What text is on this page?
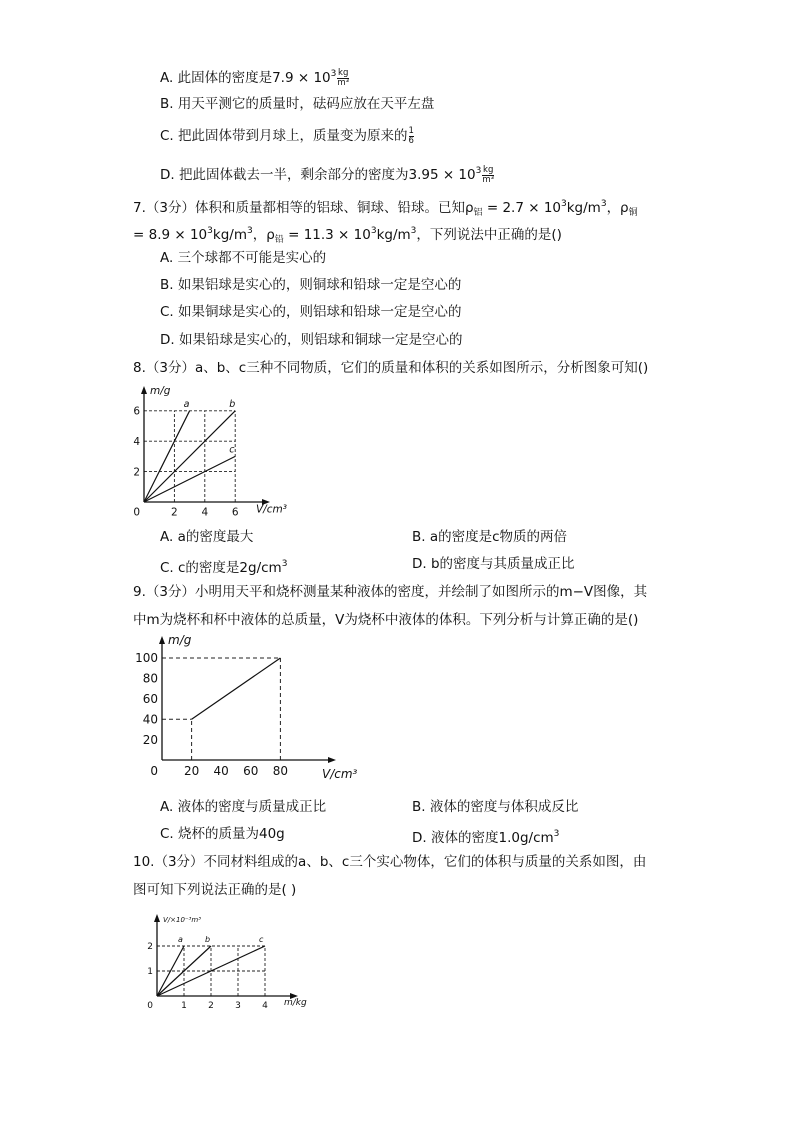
A. 此固体的密度是$7.9 \times 10^3 \frac{kg}{\text{m³}}$
B. 用天平测它的质量时，砝码应放在天平左盘
C. 把此固体带到月球上，质量变为原来的 $\frac{1}{6}$
D. 把此固体截去一半，剩余部分的密度为$3.95 \times 10^3 \frac{kg}{\text{m³}}$
7.（3分）体积和质量都相等的铝球、铜球、铅球。已知$\rho_铝 = 2.7 \times 10^3kg/m^3$，$\rho_铜$
= $8.9 \times 10^3kg/m^3$，$\rho_铅 = 11.3 \times 10^3kg/m^3$，下列说法中正确的是()
A. 三个球都不可能是实心的
B. 如果铝球是实心的，则铜球和铅球一定是空心的
C. 如果铜球是实心的，则铝球和铅球一定是空心的
D. 如果铅球是实心的，则铝球和铜球一定是空心的
8.（3分）a、b、c三种不同物质，它们的质量和体积的关系如图所示，分析图象可知()
a	b
c
2 4 6
2
4
6
0	V/cm³
m/g
A. a的密度最大	B. a的密度是c物质的两倍
C. c的密度是$2g/cm^3$	D. b的密度与其质量成正比
9.（3分）小明用天平和烧杯测量某种液体的密度，并绘制了如图所示的m−V图像，其
中m为烧杯和杯中液体的总质量，V为烧杯中液体的体积。下列分析与计算正确的是()
20 40 60 80
20
40
60
80
100
0	V/cm³
m/g
A. 液体的密度与质量成正比	B. 液体的密度与体积成反比
C. 烧杯的质量为40g	D. 液体的密度$1.0g/cm^3$
10.（3分）不同材料组成的a、b、c三个实心物体，它们的体积与质量的关系如图，由
图可知下列说法正确的是( )
a	b	c
1 2 3 4
1
2
0	m/kg
V/×10⁻³m³
